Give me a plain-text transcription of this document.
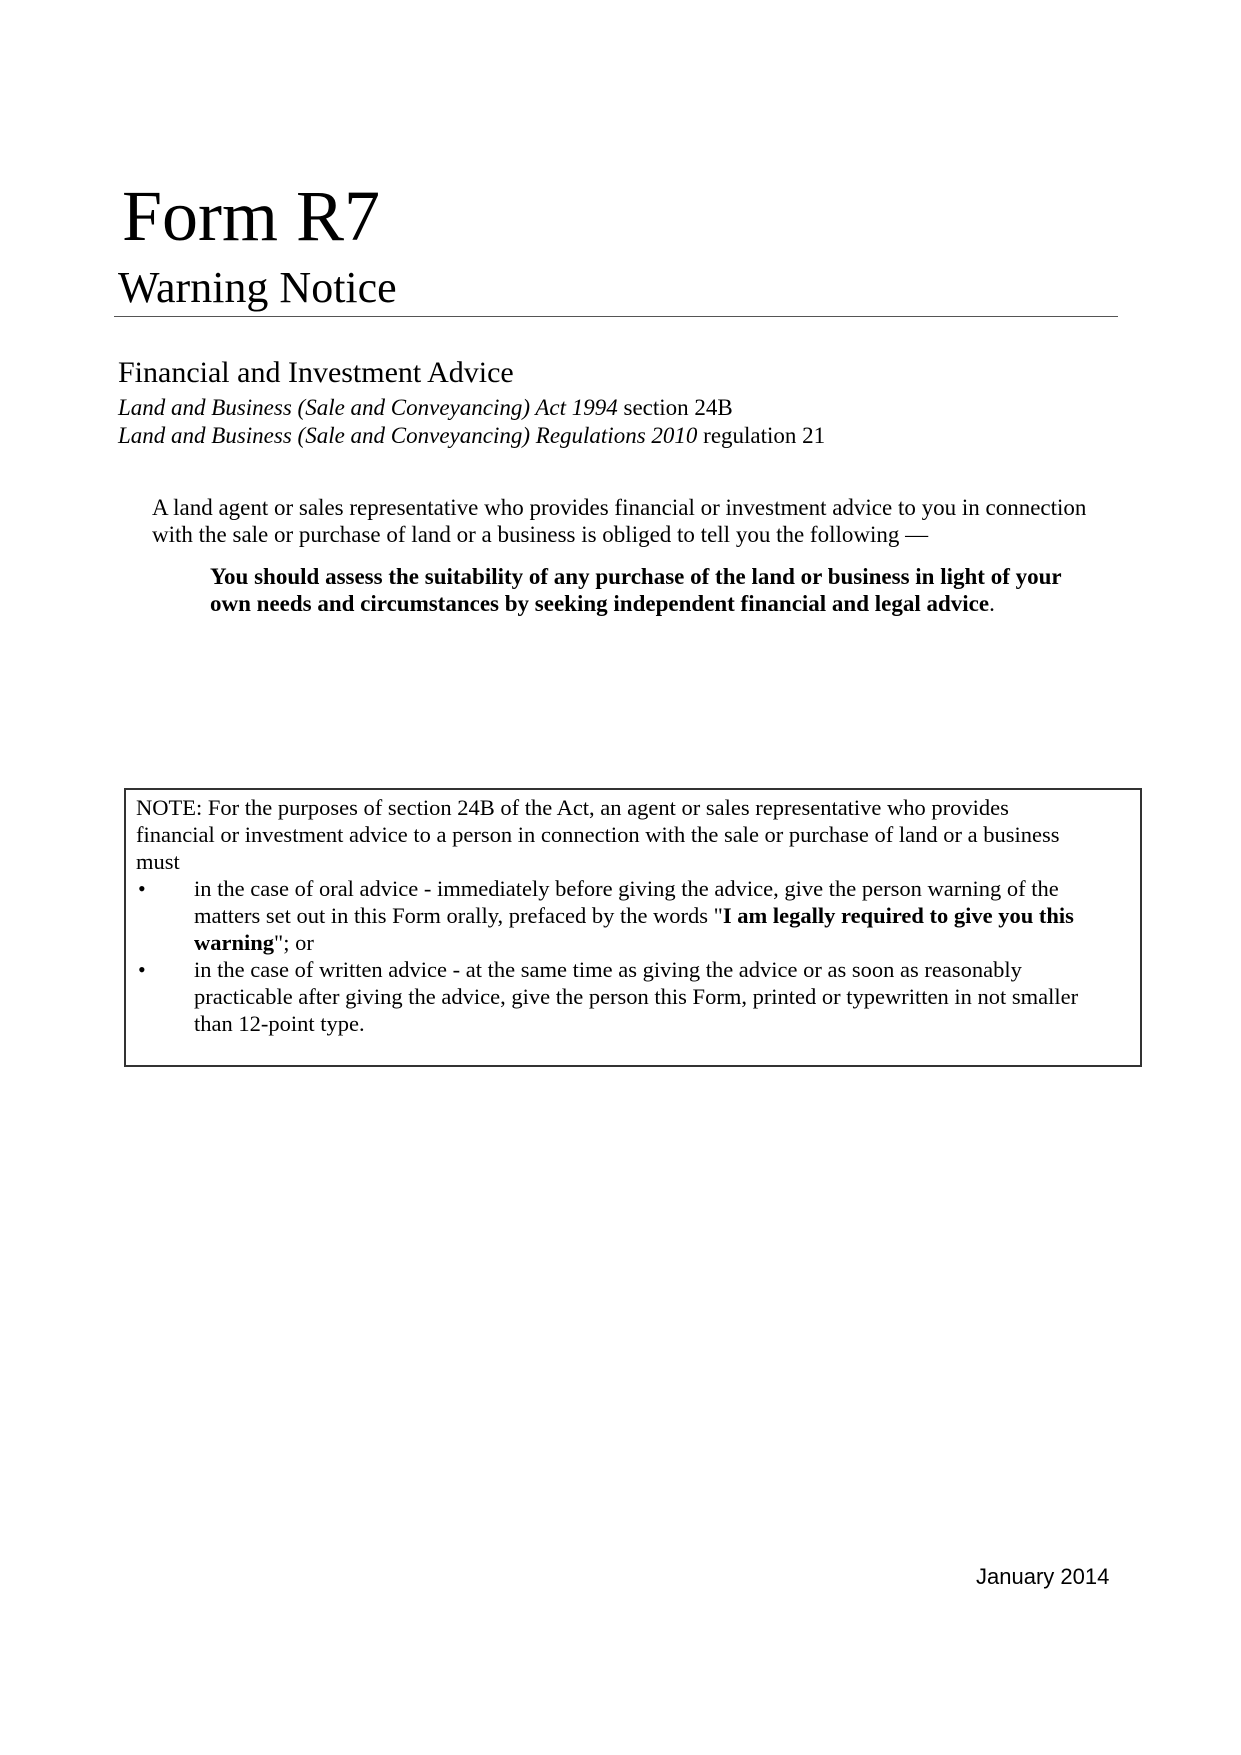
Form R7
Warning Notice
Financial and Investment Advice
Land and Business (Sale and Conveyancing) Act 1994 section 24B
Land and Business (Sale and Conveyancing) Regulations 2010 regulation 21
A land agent or sales representative who provides financial or investment advice to you in connection
with the sale or purchase of land or a business is obliged to tell you the following —
You should assess the suitability of any purchase of the land or business in light of your
own needs and circumstances by seeking independent financial and legal advice.
NOTE: For the purposes of section 24B of the Act, an agent or sales representative who provides
financial or investment advice to a person in connection with the sale or purchase of land or a business
must
• in the case of oral advice - immediately before giving the advice, give the person warning of the
matters set out in this Form orally, prefaced by the words "I am legally required to give you this
warning"; or
• in the case of written advice - at the same time as giving the advice or as soon as reasonably
practicable after giving the advice, give the person this Form, printed or typewritten in not smaller
than 12-point type.
January 2014
